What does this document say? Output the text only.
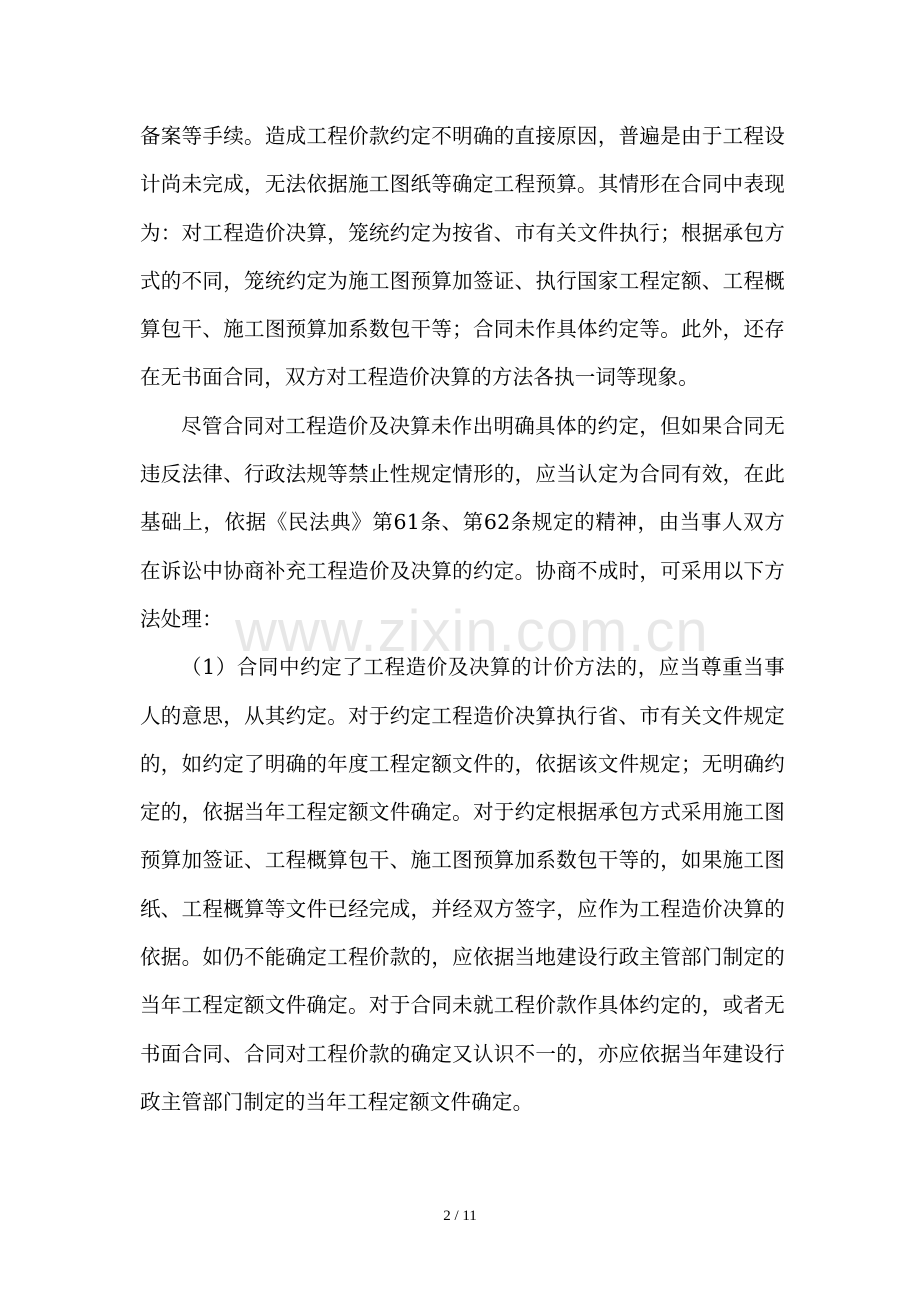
备案等手续。造成工程价款约定不明确的直接原因，普遍是由于工程设计尚未完成，无法依据施工图纸等确定工程预算。其情形在合同中表现为：对工程造价决算，笼统约定为按省、市有关文件执行；根据承包方式的不同，笼统约定为施工图预算加签证、执行国家工程定额、工程概算包干、施工图预算加系数包干等；合同未作具体约定等。此外，还存在无书面合同，双方对工程造价决算的方法各执一词等现象。

尽管合同对工程造价及决算未作出明确具体的约定，但如果合同无违反法律、行政法规等禁止性规定情形的，应当认定为合同有效，在此基础上，依据《民法典》第61条、第62条规定的精神，由当事人双方在诉讼中协商补充工程造价及决算的约定。协商不成时，可采用以下方法处理：

（1）合同中约定了工程造价及决算的计价方法的，应当尊重当事人的意思，从其约定。对于约定工程造价决算执行省、市有关文件规定的，如约定了明确的年度工程定额文件的，依据该文件规定；无明确约定的，依据当年工程定额文件确定。对于约定根据承包方式采用施工图预算加签证、工程概算包干、施工图预算加系数包干等的，如果施工图纸、工程概算等文件已经完成，并经双方签字，应作为工程造价决算的依据。如仍不能确定工程价款的，应依据当地建设行政主管部门制定的当年工程定额文件确定。对于合同未就工程价款作具体约定的，或者无书面合同、合同对工程价款的确定又认识不一的，亦应依据当年建设行政主管部门制定的当年工程定额文件确定。

www.zixin.com.cn
2 / 11
